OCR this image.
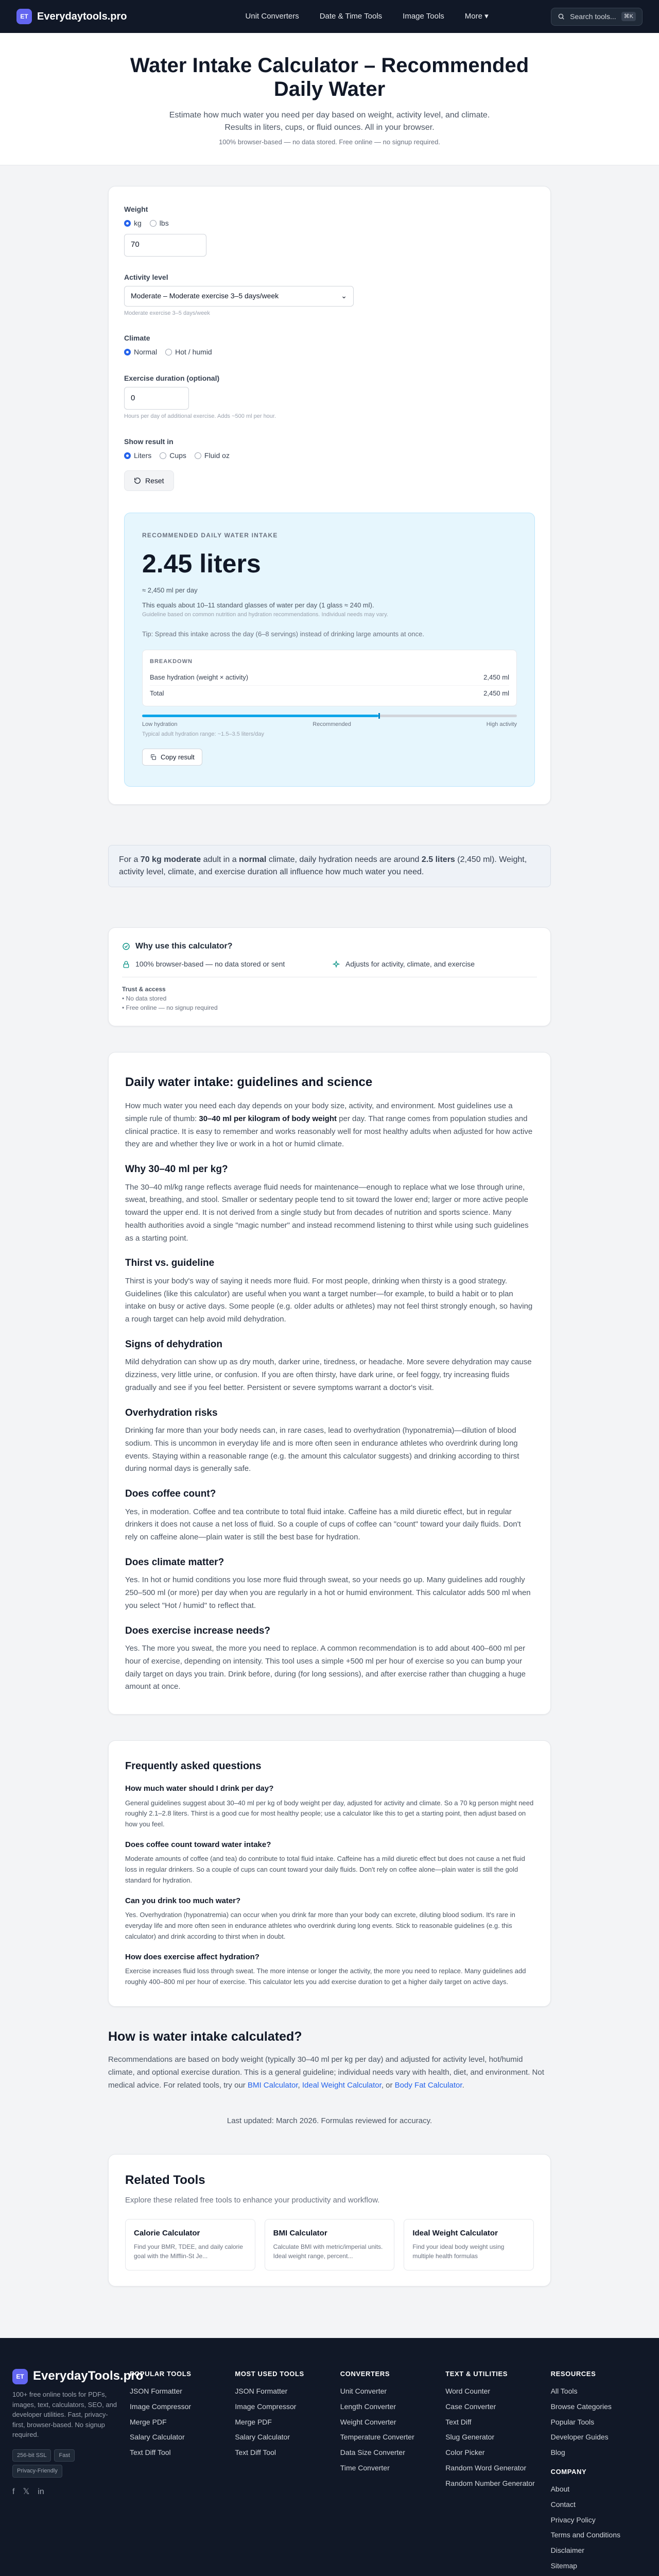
ET Everydaytools.pro	Unit Converters	Date & Time Tools	Image Tools	More ▾	Search tools...	⌘K
Water Intake Calculator – Recommended Daily Water

Estimate how much water you need per day based on weight, activity level, and climate. Results in liters, cups, or fluid ounces. All in your browser.

100% browser-based — no data stored. Free online — no signup required.

Weight
kg	lbs
70
Activity level
Moderate – Moderate exercise 3–5 days/week	⌄
Moderate exercise 3–5 days/week
Climate
Normal	Hot / humid
Exercise duration (optional)
0
Hours per day of additional exercise. Adds ~500 ml per hour.
Show result in
Liters	Cups	Fluid oz
Reset
RECOMMENDED DAILY WATER INTAKE
2.45 liters
≈ 2,450 ml per day
This equals about 10–11 standard glasses of water per day (1 glass ≈ 240 ml).
Guideline based on common nutrition and hydration recommendations. Individual needs may vary.
Tip: Spread this intake across the day (6–8 servings) instead of drinking large amounts at once.
BREAKDOWN
Base hydration (weight × activity)	2,450 ml
Total	2,450 ml
Low hydration	Recommended	High activity
Typical adult hydration range: ~1.5–3.5 liters/day
Copy result

For a 70 kg moderate adult in a normal climate, daily hydration needs are around 2.5 liters (2,450 ml). Weight, activity level, climate, and exercise duration all influence how much water you need.

Why use this calculator?
100% browser-based — no data stored or sent	Adjusts for activity, climate, and exercise
Trust & access
• No data stored
• Free online — no signup required
Daily water intake: guidelines and science

How much water you need each day depends on your body size, activity, and environment. Most guidelines use a simple rule of thumb: 30–40 ml per kilogram of body weight per day. That range comes from population studies and clinical practice. It is easy to remember and works reasonably well for most healthy adults when adjusted for how active they are and whether they live or work in a hot or humid climate.

Why 30–40 ml per kg?

The 30–40 ml/kg range reflects average fluid needs for maintenance—enough to replace what we lose through urine, sweat, breathing, and stool. Smaller or sedentary people tend to sit toward the lower end; larger or more active people toward the upper end. It is not derived from a single study but from decades of nutrition and sports science. Many health authorities avoid a single "magic number" and instead recommend listening to thirst while using such guidelines as a starting point.

Thirst vs. guideline

Thirst is your body's way of saying it needs more fluid. For most people, drinking when thirsty is a good strategy. Guidelines (like this calculator) are useful when you want a target number—for example, to build a habit or to plan intake on busy or active days. Some people (e.g. older adults or athletes) may not feel thirst strongly enough, so having a rough target can help avoid mild dehydration.

Signs of dehydration

Mild dehydration can show up as dry mouth, darker urine, tiredness, or headache. More severe dehydration may cause dizziness, very little urine, or confusion. If you are often thirsty, have dark urine, or feel foggy, try increasing fluids gradually and see if you feel better. Persistent or severe symptoms warrant a doctor's visit.

Overhydration risks

Drinking far more than your body needs can, in rare cases, lead to overhydration (hyponatremia)—dilution of blood sodium. This is uncommon in everyday life and is more often seen in endurance athletes who overdrink during long events. Staying within a reasonable range (e.g. the amount this calculator suggests) and drinking according to thirst during normal days is generally safe.

Does coffee count?

Yes, in moderation. Coffee and tea contribute to total fluid intake. Caffeine has a mild diuretic effect, but in regular drinkers it does not cause a net loss of fluid. So a couple of cups of coffee can "count" toward your daily fluids. Don't rely on caffeine alone—plain water is still the best base for hydration.

Does climate matter?

Yes. In hot or humid conditions you lose more fluid through sweat, so your needs go up. Many guidelines add roughly 250–500 ml (or more) per day when you are regularly in a hot or humid environment. This calculator adds 500 ml when you select "Hot / humid" to reflect that.

Does exercise increase needs?

Yes. The more you sweat, the more you need to replace. A common recommendation is to add about 400–600 ml per hour of exercise, depending on intensity. This tool uses a simple +500 ml per hour of exercise so you can bump your daily target on days you train. Drink before, during (for long sessions), and after exercise rather than chugging a huge amount at once.

Frequently asked questions
How much water should I drink per day?

General guidelines suggest about 30–40 ml per kg of body weight per day, adjusted for activity and climate. So a 70 kg person might need roughly 2.1–2.8 liters. Thirst is a good cue for most healthy people; use a calculator like this to get a starting point, then adjust based on how you feel.

Does coffee count toward water intake?

Moderate amounts of coffee (and tea) do contribute to total fluid intake. Caffeine has a mild diuretic effect but does not cause a net fluid loss in regular drinkers. So a couple of cups can count toward your daily fluids. Don't rely on coffee alone—plain water is still the gold standard for hydration.

Can you drink too much water?

Yes. Overhydration (hyponatremia) can occur when you drink far more than your body can excrete, diluting blood sodium. It's rare in everyday life and more often seen in endurance athletes who overdrink during long events. Stick to reasonable guidelines (e.g. this calculator) and drink according to thirst when in doubt.

How does exercise affect hydration?

Exercise increases fluid loss through sweat. The more intense or longer the activity, the more you need to replace. Many guidelines add roughly 400–800 ml per hour of exercise. This calculator lets you add exercise duration to get a higher daily target on active days.

How is water intake calculated?

Recommendations are based on body weight (typically 30–40 ml per kg per day) and adjusted for activity level, hot/humid climate, and optional exercise duration. This is a general guideline; individual needs vary with health, diet, and environment. Not medical advice. For related tools, try our BMI Calculator, Ideal Weight Calculator, or Body Fat Calculator.

Last updated: March 2026. Formulas reviewed for accuracy.

Related Tools

Explore these related free tools to enhance your productivity and workflow.

Calorie Calculator

Find your BMR, TDEE, and daily calorie goal with the Mifflin-St Je...

BMI Calculator

Calculate BMI with metric/imperial units. Ideal weight range, percent...

Ideal Weight Calculator

Find your ideal body weight using multiple health formulas

ET EverydayTools.pro

100+ free online tools for PDFs, images, text, calculators, SEO, and developer utilities. Fast, privacy-first, browser-based. No signup required.

256-bit SSL	Fast
Privacy-Friendly
f 𝕏 in
POPULAR TOOLS
JSON Formatter
Image Compressor
Merge PDF
Salary Calculator
Text Diff Tool
MOST USED TOOLS
JSON Formatter
Image Compressor
Merge PDF
Salary Calculator
Text Diff Tool
CONVERTERS
Unit Converter
Length Converter
Weight Converter
Temperature Converter
Data Size Converter
Time Converter
TEXT & UTILITIES
Word Counter
Case Converter
Text Diff
Slug Generator
Color Picker
Random Word Generator
Random Number Generator
RESOURCES
All Tools
Browse Categories
Popular Tools
Developer Guides
Blog
COMPANY
About
Contact
Privacy Policy
Terms and Conditions
Disclaimer
Sitemap
